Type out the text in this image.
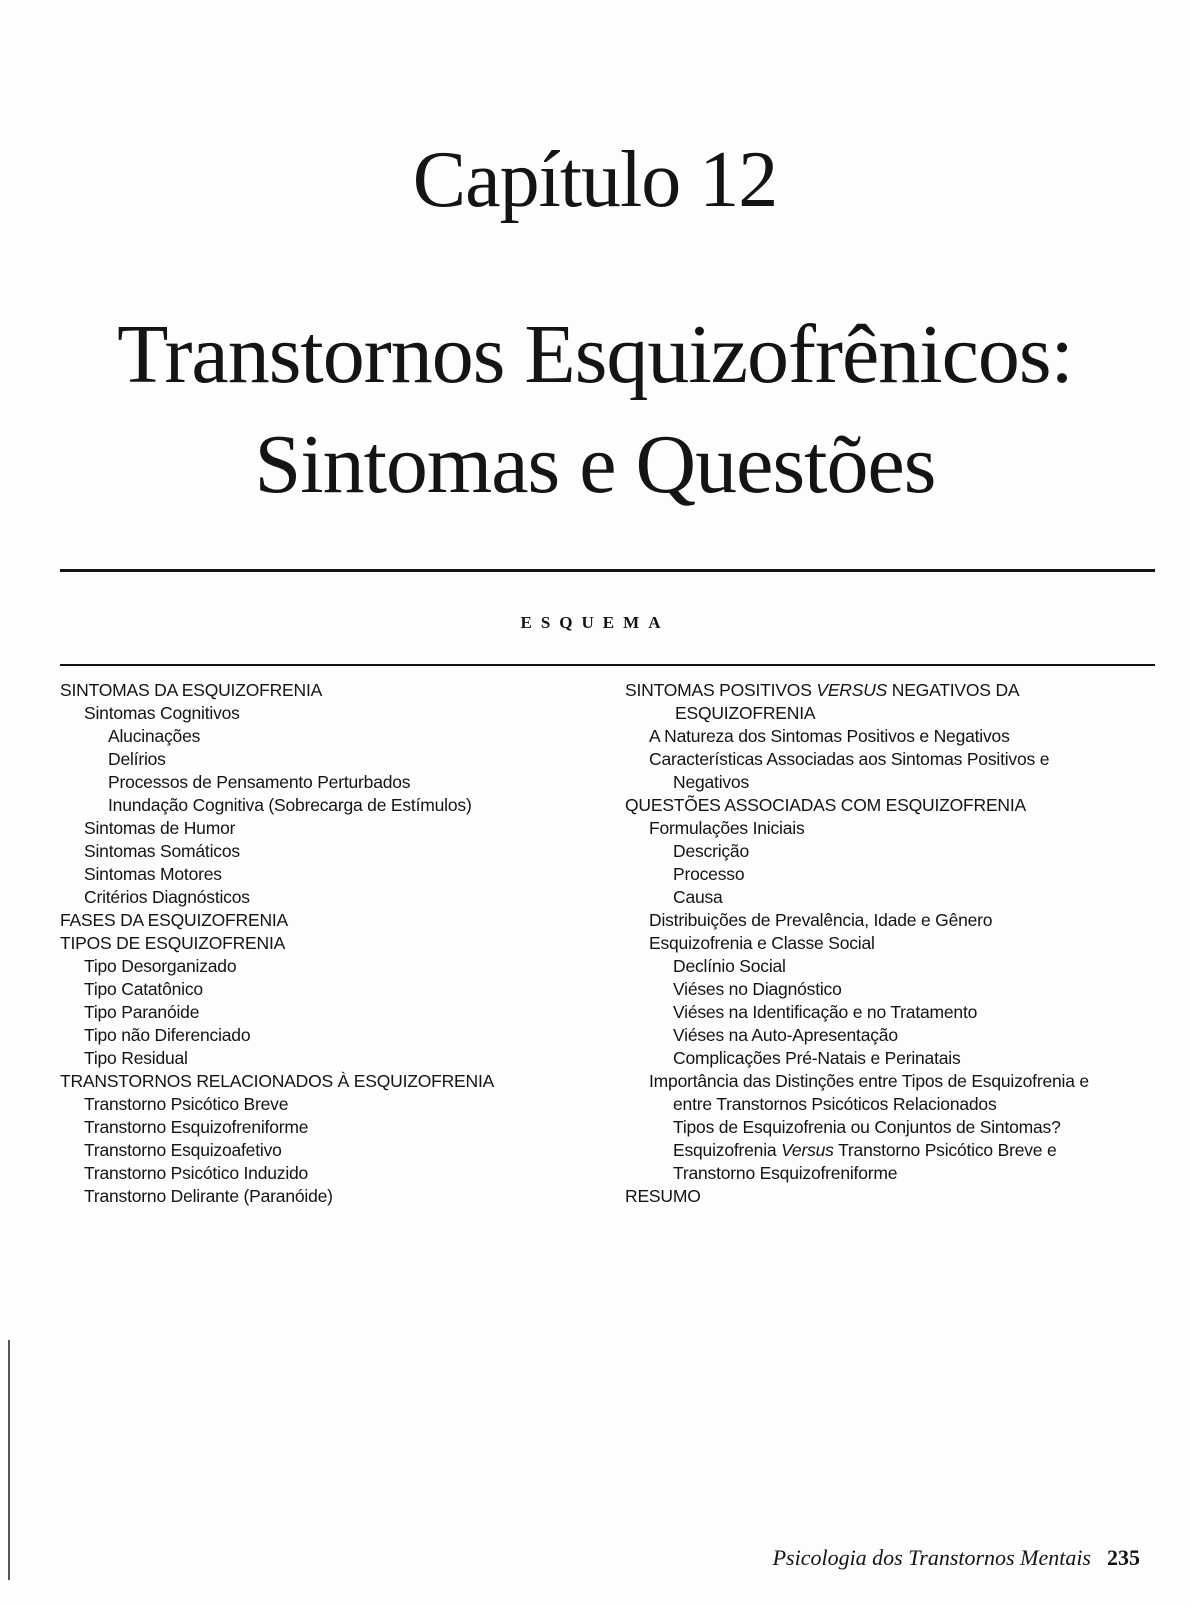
Capítulo 12
Transtornos Esquizofrênicos:
Sintomas e Questões
ESQUEMA
SINTOMAS DA ESQUIZOFRENIA
Sintomas Cognitivos
Alucinações
Delírios
Processos de Pensamento Perturbados
Inundação Cognitiva (Sobrecarga de Estímulos)
Sintomas de Humor
Sintomas Somáticos
Sintomas Motores
Critérios Diagnósticos
FASES DA ESQUIZOFRENIA
TIPOS DE ESQUIZOFRENIA
Tipo Desorganizado
Tipo Catatônico
Tipo Paranóide
Tipo não Diferenciado
Tipo Residual
TRANSTORNOS RELACIONADOS À ESQUIZOFRENIA
Transtorno Psicótico Breve
Transtorno Esquizofreniforme
Transtorno Esquizoafetivo
Transtorno Psicótico Induzido
Transtorno Delirante (Paranóide)
SINTOMAS POSITIVOS VERSUS NEGATIVOS DA
ESQUIZOFRENIA
A Natureza dos Sintomas Positivos e Negativos
Características Associadas aos Sintomas Positivos e
Negativos
QUESTÕES ASSOCIADAS COM ESQUIZOFRENIA
Formulações Iniciais
Descrição
Processo
Causa
Distribuições de Prevalência, Idade e Gênero
Esquizofrenia e Classe Social
Declínio Social
Viéses no Diagnóstico
Viéses na Identificação e no Tratamento
Viéses na Auto-Apresentação
Complicações Pré-Natais e Perinatais
Importância das Distinções entre Tipos de Esquizofrenia e
entre Transtornos Psicóticos Relacionados
Tipos de Esquizofrenia ou Conjuntos de Sintomas?
Esquizofrenia Versus Transtorno Psicótico Breve e
Transtorno Esquizofreniforme
RESUMO
Psicologia dos Transtornos Mentais 235
